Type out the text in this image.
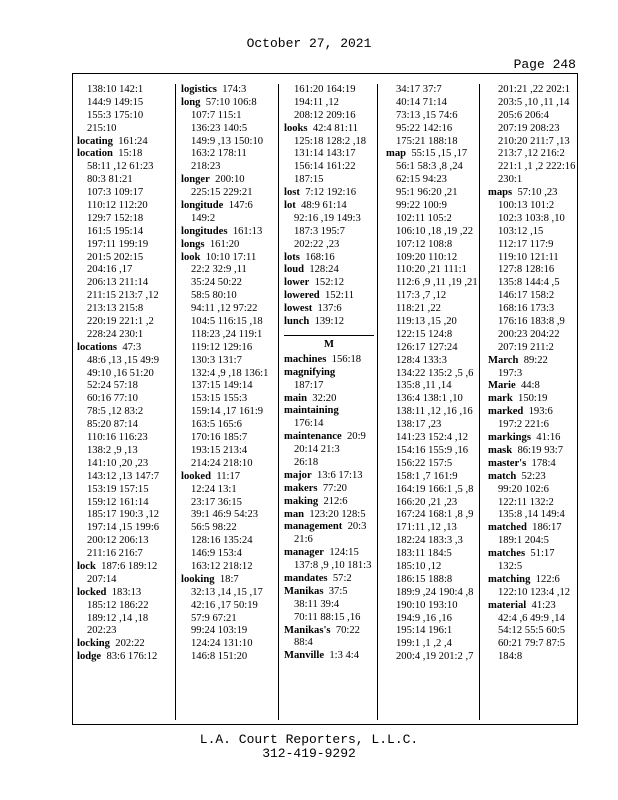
October 27, 2021
Page 248
138:10 142:1
144:9 149:15
155:3 175:10
215:10
locating 161:24
location 15:18
58:11 ,12 61:23
80:3 81:21
107:3 109:17
110:12 112:20
129:7 152:18
161:5 195:14
197:11 199:19
201:5 202:15
204:16 ,17
206:13 211:14
211:15 213:7 ,12
213:13 215:8
220:19 221:1 ,2
228:24 230:1
locations 47:3
48:6 ,13 ,15 49:9
49:10 ,16 51:20
52:24 57:18
60:16 77:10
78:5 ,12 83:2
85:20 87:14
110:16 116:23
138:2 ,9 ,13
141:10 ,20 ,23
143:12 ,13 147:7
153:19 157:15
159:12 161:14
185:17 190:3 ,12
197:14 ,15 199:6
200:12 206:13
211:16 216:7
lock 187:6 189:12
207:14
locked 183:13
185:12 186:22
189:12 ,14 ,18
202:23
locking 202:22
lodge 83:6 176:12
logistics 174:3
long 57:10 106:8
107:7 115:1
136:23 140:5
149:9 ,13 150:10
163:2 178:11
218:23
longer 200:10
225:15 229:21
longitude 147:6
149:2
longitudes 161:13
longs 161:20
look 10:10 17:11
22:2 32:9 ,11
35:24 50:22
58:5 80:10
94:11 ,12 97:22
104:5 116:15 ,18
118:23 ,24 119:1
119:12 129:16
130:3 131:7
132:4 ,9 ,18 136:1
137:15 149:14
153:15 155:3
159:14 ,17 161:9
163:5 165:6
170:16 185:7
193:15 213:4
214:24 218:10
looked 11:17
12:24 13:1
23:17 36:15
39:1 46:9 54:23
56:5 98:22
128:16 135:24
146:9 153:4
163:12 218:12
looking 18:7
32:13 ,14 ,15 ,17
42:16 ,17 50:19
57:9 67:21
99:24 103:19
124:24 131:10
146:8 151:20
161:20 164:19
194:11 ,12
208:12 209:16
looks 42:4 81:11
125:18 128:2 ,18
131:14 143:17
156:14 161:22
187:15
lost 7:12 192:16
lot 48:9 61:14
92:16 ,19 149:3
187:3 195:7
202:22 ,23
lots 168:16
loud 128:24
lower 152:12
lowered 152:11
lowest 137:6
lunch 139:12
M
machines 156:18
magnifying
187:17
main 32:20
maintaining
176:14
maintenance 20:9
20:14 21:3
26:18
major 13:6 17:13
makers 77:20
making 212:6
man 123:20 128:5
management 20:3
21:6
manager 124:15
137:8 ,9 ,10 181:3
mandates 57:2
Manikas 37:5
38:11 39:4
70:11 88:15 ,16
Manikas's 70:22
88:4
Manville 1:3 4:4
34:17 37:7
40:14 71:14
73:13 ,15 74:6
95:22 142:16
175:21 188:18
map 55:15 ,15 ,17
56:1 58:3 ,8 ,24
62:15 94:23
95:1 96:20 ,21
99:22 100:9
102:11 105:2
106:10 ,18 ,19 ,22
107:12 108:8
109:20 110:12
110:20 ,21 111:1
112:6 ,9 ,11 ,19 ,21
117:3 ,7 ,12
118:21 ,22
119:13 ,15 ,20
122:15 124:8
126:17 127:24
128:4 133:3
134:22 135:2 ,5 ,6
135:8 ,11 ,14
136:4 138:1 ,10
138:11 ,12 ,16 ,16
138:17 ,23
141:23 152:4 ,12
154:16 155:9 ,16
156:22 157:5
158:1 ,7 161:9
164:19 166:1 ,5 ,8
166:20 ,21 ,23
167:24 168:1 ,8 ,9
171:11 ,12 ,13
182:24 183:3 ,3
183:11 184:5
185:10 ,12
186:15 188:8
189:9 ,24 190:4 ,8
190:10 193:10
194:9 ,16 ,16
195:14 196:1
199:1 ,1 ,2 ,4
200:4 ,19 201:2 ,7
201:21 ,22 202:1
203:5 ,10 ,11 ,14
205:6 206:4
207:19 208:23
210:20 211:7 ,13
213:7 ,12 216:2
221:1 ,1 ,2 222:16
230:1
maps 57:10 ,23
100:13 101:2
102:3 103:8 ,10
103:12 ,15
112:17 117:9
119:10 121:11
127:8 128:16
135:8 144:4 ,5
146:17 158:2
168:16 173:3
176:16 183:8 ,9
200:23 204:22
207:19 211:2
March 89:22
197:3
Marie 44:8
mark 150:19
marked 193:6
197:2 221:6
markings 41:16
mask 86:19 93:7
master's 178:4
match 52:23
99:20 102:6
122:11 132:2
135:8 ,14 149:4
matched 186:17
189:1 204:5
matches 51:17
132:5
matching 122:6
122:10 123:4 ,12
material 41:23
42:4 ,6 49:9 ,14
54:12 55:5 60:5
60:21 79:7 87:5
184:8
L.A. Court Reporters, L.L.C.
312-419-9292
